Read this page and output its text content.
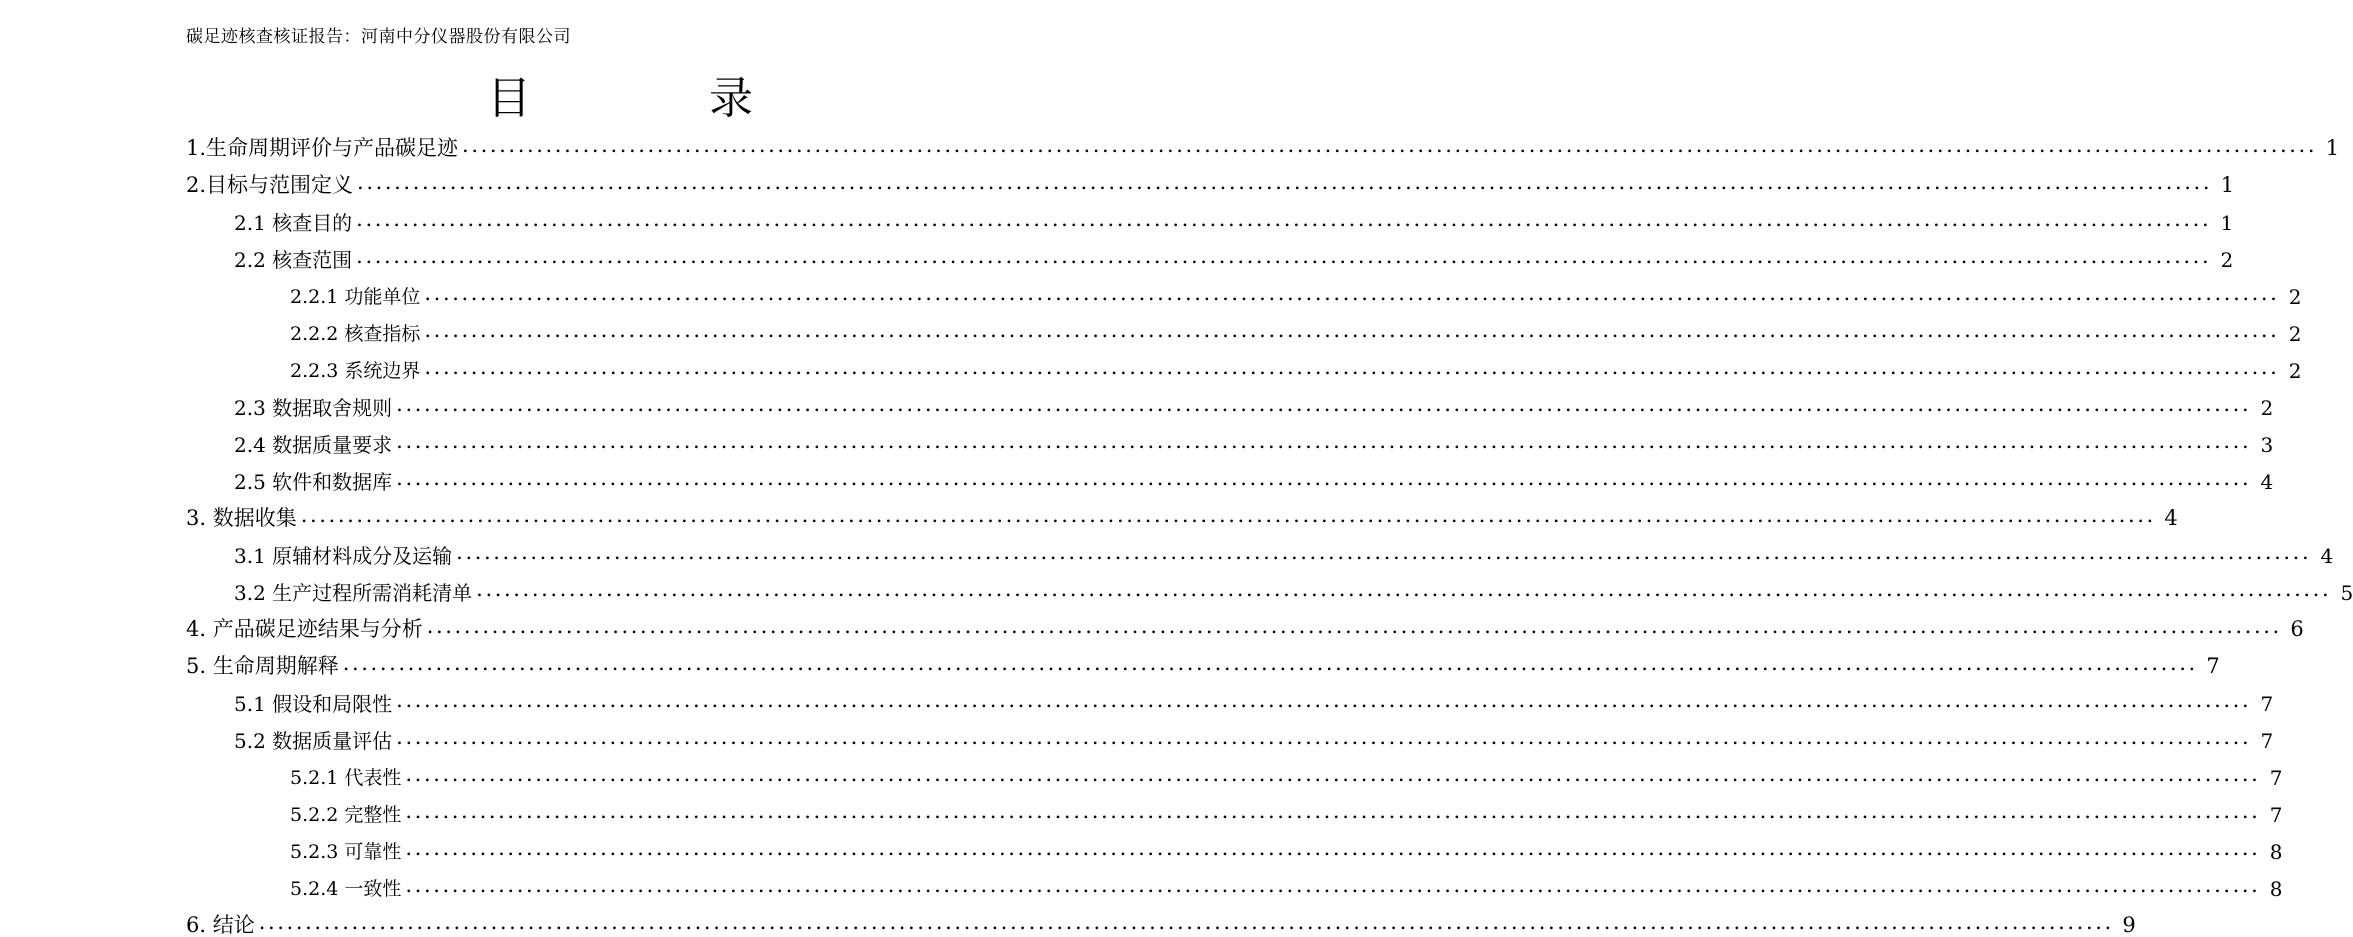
碳足迹核查核证报告：河南中分仪器股份有限公司
目　　录
1.生命周期评价与产品碳足迹 ........................................................................................................................................................................................................ 1
2.目标与范围定义 ........................................................................................................................................................................................................ 1
2.1 核查目的 ........................................................................................................................................................................................................ 1
2.2 核查范围 ........................................................................................................................................................................................................ 2
2.2.1 功能单位 ........................................................................................................................................................................................................ 2
2.2.2 核查指标 ........................................................................................................................................................................................................ 2
2.2.3 系统边界 ........................................................................................................................................................................................................ 2
2.3 数据取舍规则 ........................................................................................................................................................................................................ 2
2.4 数据质量要求 ........................................................................................................................................................................................................ 3
2.5 软件和数据库 ........................................................................................................................................................................................................ 4
3. 数据收集 ........................................................................................................................................................................................................ 4
3.1 原辅材料成分及运输 ........................................................................................................................................................................................................ 4
3.2 生产过程所需消耗清单 ........................................................................................................................................................................................................ 5
4. 产品碳足迹结果与分析 ........................................................................................................................................................................................................ 6
5. 生命周期解释 ........................................................................................................................................................................................................ 7
5.1 假设和局限性 ........................................................................................................................................................................................................ 7
5.2 数据质量评估 ........................................................................................................................................................................................................ 7
5.2.1 代表性 ........................................................................................................................................................................................................ 7
5.2.2 完整性 ........................................................................................................................................................................................................ 7
5.2.3 可靠性 ........................................................................................................................................................................................................ 8
5.2.4 一致性 ........................................................................................................................................................................................................ 8
6. 结论 ........................................................................................................................................................................................................ 9
